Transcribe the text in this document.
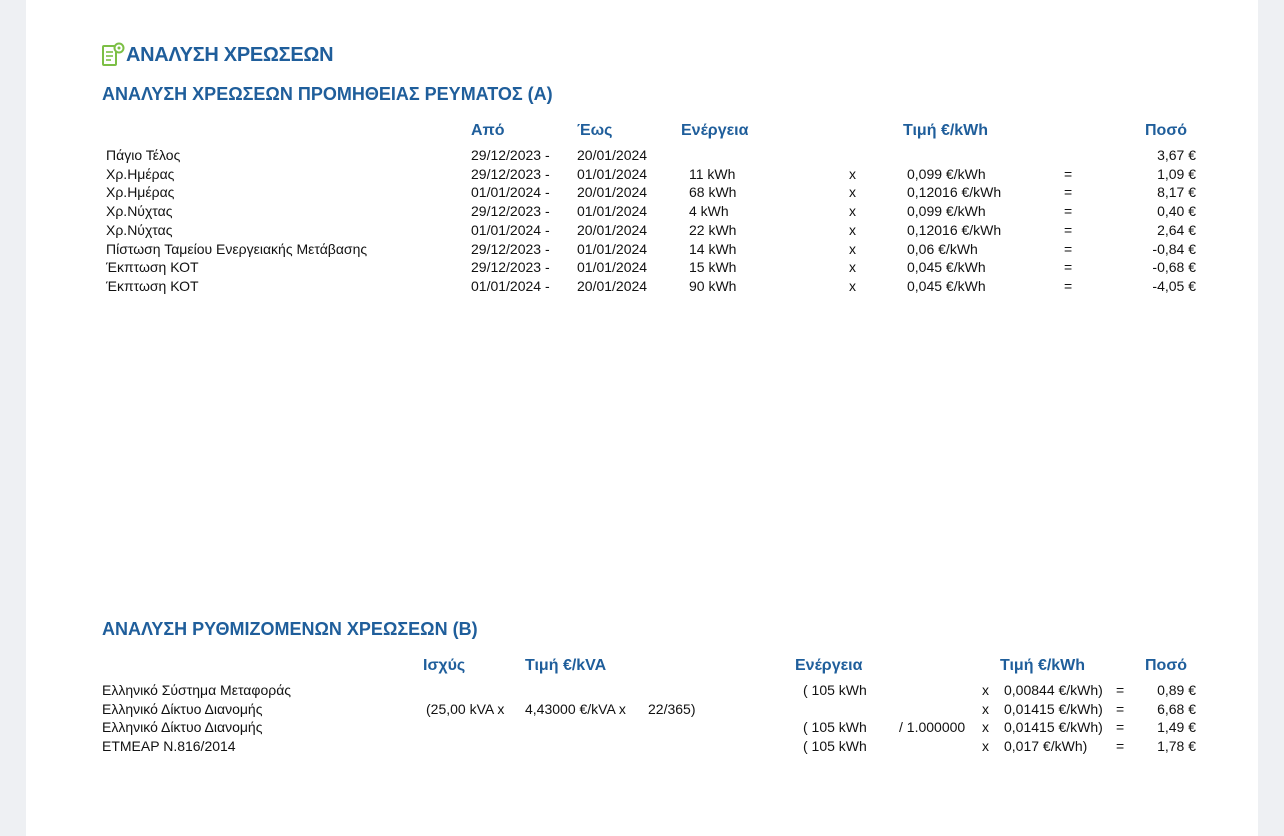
ΑΝΑΛΥΣΗ ΧΡΕΩΣΕΩΝ
ΑΝΑΛΥΣΗ ΧΡΕΩΣΕΩΝ ΠΡΟΜΗΘΕΙΑΣ ΡΕΥΜΑΤΟΣ (Α)
Από	Έως	Ενέργεια	Τιμή €/kWh	Ποσό
Πάγιο Τέλος	29/12/2023 - 20/01/2024	3,67 €
Χρ.Ημέρας	29/12/2023 - 01/01/2024	11 kWh	x	0,099 €/kWh	=	1,09 €
Χρ.Ημέρας	01/01/2024 - 20/01/2024	68 kWh	x	0,12016 €/kWh	=	8,17 €
Χρ.Νύχτας	29/12/2023 - 01/01/2024	4 kWh	x	0,099 €/kWh	=	0,40 €
Χρ.Νύχτας	01/01/2024 - 20/01/2024	22 kWh	x	0,12016 €/kWh	=	2,64 €
Πίστωση Ταμείου Ενεργειακής Μετάβασης	29/12/2023 - 01/01/2024	14 kWh	x	0,06 €/kWh	=	-0,84 €
Έκπτωση ΚΟΤ	29/12/2023 - 01/01/2024	15 kWh	x	0,045 €/kWh	=	-0,68 €
Έκπτωση ΚΟΤ	01/01/2024 - 20/01/2024	90 kWh	x	0,045 €/kWh	=	-4,05 €
ΑΝΑΛΥΣΗ ΡΥΘΜΙΖΟΜΕΝΩΝ ΧΡΕΩΣΕΩΝ (Β)
Ισχύς	Τιμή €/kVA	Ενέργεια	Τιμή €/kWh	Ποσό
Ελληνικό Σύστημα Μεταφοράς	( 105 kWh	x 0,00844 €/kWh) = 0,89 €
Ελληνικό Δίκτυο Διανομής	(25,00 kVA x 4,43000 €/kVA x 22/365)	x 0,01415 €/kWh) = 6,68 €
Ελληνικό Δίκτυο Διανομής	( 105 kWh / 1.000000 x 0,01415 €/kWh) = 1,49 €
ΕΤΜΕΑΡ Ν.816/2014	( 105 kWh	x 0,017 €/kWh) = 1,78 €
